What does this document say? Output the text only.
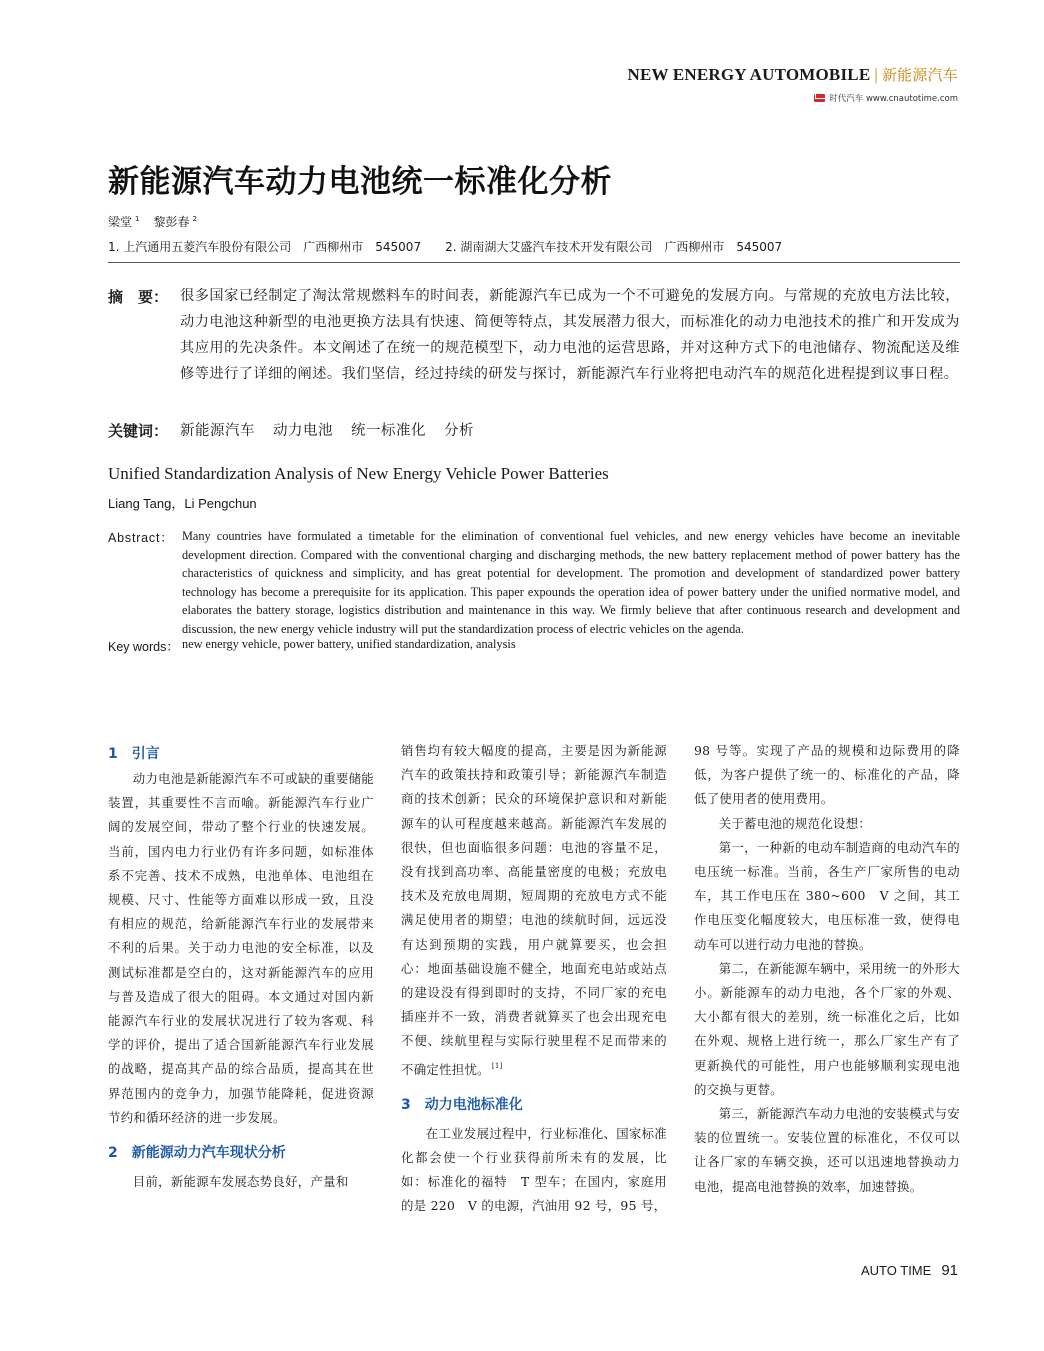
NEW ENERGY AUTOMOBILE | 新能源汽车
时代汽车 www.cnautotime.com
新能源汽车动力电池统一标准化分析
梁堂 $^1$ 黎彭春 $^2$
1. 上汽通用五菱汽车股份有限公司　广西柳州市　545007　　2. 湖南湖大艾盛汽车技术开发有限公司　广西柳州市　545007
摘　要： 很多国家已经制定了淘汰常规燃料车的时间表，新能源汽车已成为一个不可避免的发展方向。与常规的充放电方法比较，动力电池这种新型的电池更换方法具有快速、简便等特点，其发展潜力很大，而标准化的动力电池技术的推广和开发成为其应用的先决条件。本文阐述了在统一的规范模型下，动力电池的运营思路，并对这种方式下的电池储存、物流配送及维修等进行了详细的阐述。我们坚信，经过持续的研发与探讨，新能源汽车行业将把电动汽车的规范化进程提到议事日程。
关键词： 新能源汽车 动力电池 统一标准化 分析
Unified Standardization Analysis of New Energy Vehicle Power Batteries
Liang Tang，Li Pengchun
Abstract： Many countries have formulated a timetable for the elimination of conventional fuel vehicles, and new energy vehicles have become an inevitable development direction. Compared with the conventional charging and discharging methods, the new battery replacement method of power battery has the characteristics of quickness and simplicity, and has great potential for development. The promotion and development of standardized power battery technology has become a prerequisite for its application. This paper expounds the operation idea of power battery under the unified normative model, and elaborates the battery storage, logistics distribution and maintenance in this way. We firmly believe that after continuous research and development and discussion, the new energy vehicle industry will put the standardization process of electric vehicles on the agenda.
Key words： new energy vehicle, power battery, unified standardization, analysis
1 引言

动力电池是新能源汽车不可或缺的重要储能装置，其重要性不言而喻。新能源汽车行业广阔的发展空间，带动了整个行业的快速发展。当前，国内电力行业仍有许多问题，如标准体系不完善、技术不成熟，电池单体、电池组在规模、尺寸、性能等方面难以形成一致，且没有相应的规范，给新能源汽车行业的发展带来不利的后果。关于动力电池的安全标准，以及测试标准都是空白的，这对新能源汽车的应用与普及造成了很大的阻碍。本文通过对国内新能源汽车行业的发展状况进行了较为客观、科学的评价，提出了适合国新能源汽车行业发展的战略，提高其产品的综合品质，提高其在世界范围内的竞争力，加强节能降耗，促进资源节约和循环经济的进一步发展。

2 新能源动力汽车现状分析

目前，新能源车发展态势良好，产量和

销售均有较大幅度的提高，主要是因为新能源汽车的政策扶持和政策引导；新能源汽车制造商的技术创新；民众的环境保护意识和对新能源车的认可程度越来越高。新能源汽车发展的很快，但也面临很多问题：电池的容量不足，没有找到高功率、高能量密度的电极；充放电技术及充放电周期，短周期的充放电方式不能满足使用者的期望；电池的续航时间，远远没有达到预期的实践，用户就算要买，也会担心：地面基础设施不健全，地面充电站或站点的建设没有得到即时的支持，不同厂家的充电插座并不一致，消费者就算买了也会出现充电不便、续航里程与实际行驶里程不足而带来的不确定性担忧。 [1]

3 动力电池标准化

在工业发展过程中，行业标准化、国家标准化都会使一个行业获得前所未有的发展，比如：标准化的福特　T 型车；在国内，家庭用的是 220　V 的电源，汽油用 92 号，95 号，

98 号等。实现了产品的规模和边际费用的降低，为客户提供了统一的、标准化的产品，降低了使用者的使用费用。

关于蓄电池的规范化设想：

第一，一种新的电动车制造商的电动汽车的电压统一标准。当前，各生产厂家所售的电动车，其工作电压在 380~600　V 之间，其工作电压变化幅度较大，电压标准一致，使得电动车可以进行动力电池的替换。

第二，在新能源车辆中，采用统一的外形大小。新能源车的动力电池，各个厂家的外观、大小都有很大的差别，统一标准化之后，比如在外观、规格上进行统一，那么厂家生产有了更新换代的可能性，用户也能够顺利实现电池的交换与更替。

第三，新能源汽车动力电池的安装模式与安装的位置统一。安装位置的标准化，不仅可以让各厂家的车辆交换，还可以迅速地替换动力电池，提高电池替换的效率，加速替换。

AUTO TIME 91
